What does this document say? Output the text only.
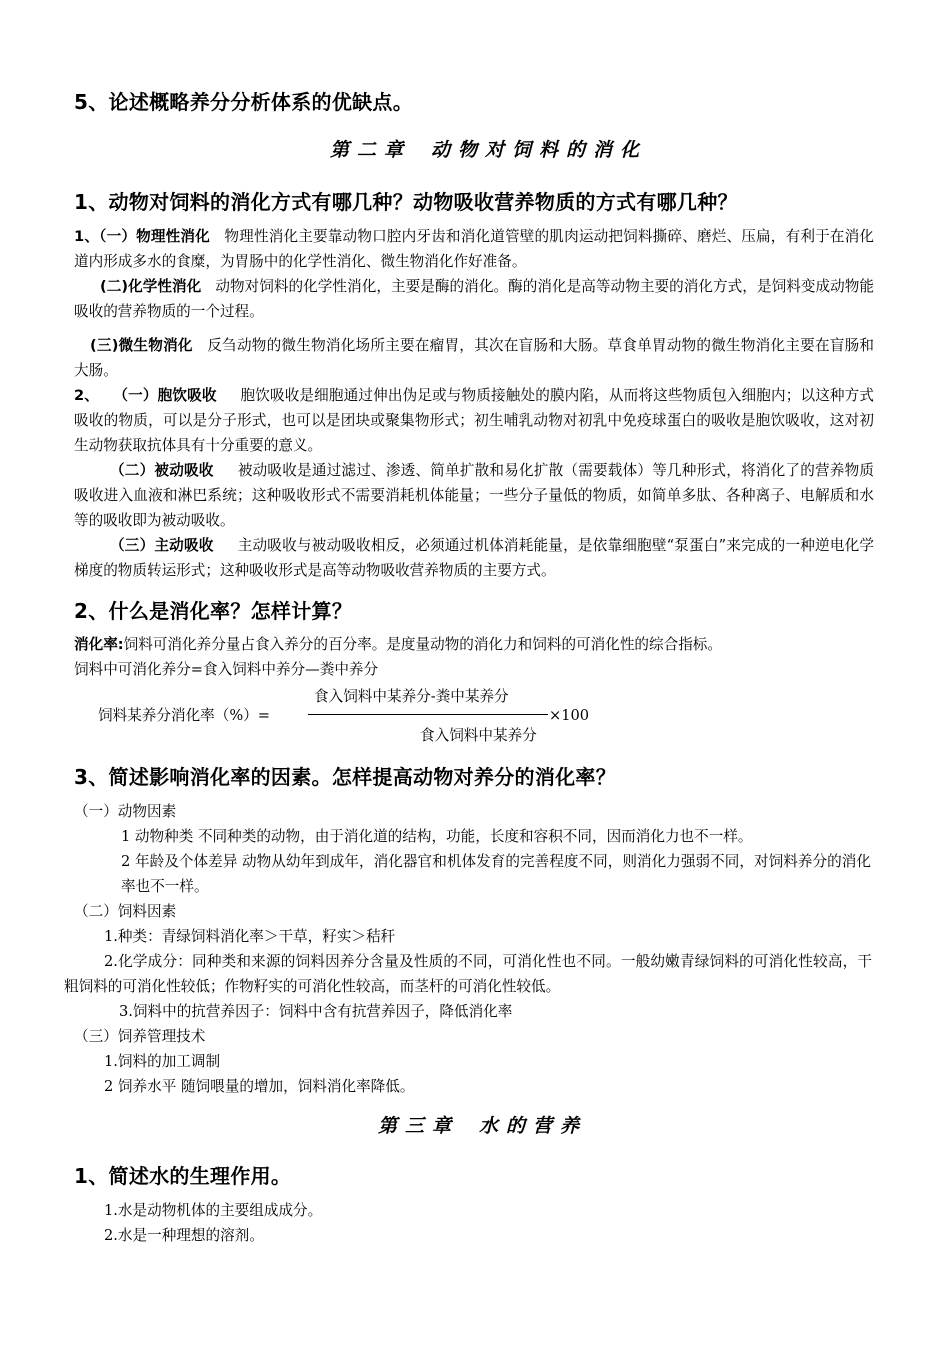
5、论述概略养分分析体系的优缺点。
第二章 动物对饲料的消化
1、动物对饲料的消化方式有哪几种？动物吸收营养物质的方式有哪几种？
1、（一）物理性消化 物理性消化主要靠动物口腔内牙齿和消化道管壁的肌肉运动把饲料撕碎、磨烂、压扁，有利于在消化道内形成多水的食糜，为胃肠中的化学性消化、微生物消化作好准备。
(二)化学性消化 动物对饲料的化学性消化，主要是酶的消化。酶的消化是高等动物主要的消化方式，是饲料变成动物能吸收的营养物质的一个过程。
(三)微生物消化 反刍动物的微生物消化场所主要在瘤胃，其次在盲肠和大肠。草食单胃动物的微生物消化主要在盲肠和大肠。
2、 （一）胞饮吸收 胞饮吸收是细胞通过伸出伪足或与物质接触处的膜内陷，从而将这些物质包入细胞内；以这种方式吸收的物质，可以是分子形式，也可以是团块或聚集物形式；初生哺乳动物对初乳中免疫球蛋白的吸收是胞饮吸收，这对初生动物获取抗体具有十分重要的意义。
（二）被动吸收 被动吸收是通过滤过、渗透、简单扩散和易化扩散（需要载体）等几种形式，将消化了的营养物质吸收进入血液和淋巴系统；这种吸收形式不需要消耗机体能量；一些分子量低的物质，如简单多肽、各种离子、电解质和水等的吸收即为被动吸收。
（三）主动吸收 主动吸收与被动吸收相反，必须通过机体消耗能量，是依靠细胞壁“泵蛋白”来完成的一种逆电化学梯度的物质转运形式；这种吸收形式是高等动物吸收营养物质的主要方式。
2、什么是消化率？怎样计算？
消化率:饲料可消化养分量占食入养分的百分率。是度量动物的消化力和饲料的可消化性的综合指标。
饲料中可消化养分=食入饲料中养分—粪中养分
饲料某养分消化率（%）=
食入饲料中某养分-粪中某养分
×100
食入饲料中某养分
3、简述影响消化率的因素。怎样提高动物对养分的消化率？
（一）动物因素
1 动物种类 不同种类的动物，由于消化道的结构，功能，长度和容积不同，因而消化力也不一样。
2 年龄及个体差异 动物从幼年到成年，消化器官和机体发育的完善程度不同，则消化力强弱不同，对饲料养分的消化率也不一样。
（二）饲料因素
1.种类：青绿饲料消化率＞干草，籽实＞秸秆
2.化学成分：同种类和来源的饲料因养分含量及性质的不同，可消化性也不同。一般幼嫩青绿饲料的可消化性较高，干粗饲料的可消化性较低；作物籽实的可消化性较高，而茎杆的可消化性较低。
3.饲料中的抗营养因子：饲料中含有抗营养因子，降低消化率
（三）饲养管理技术
1.饲料的加工调制
2 饲养水平 随饲喂量的增加，饲料消化率降低。
第三章 水的营养
1、简述水的生理作用。
1.水是动物机体的主要组成成分。
2.水是一种理想的溶剂。
